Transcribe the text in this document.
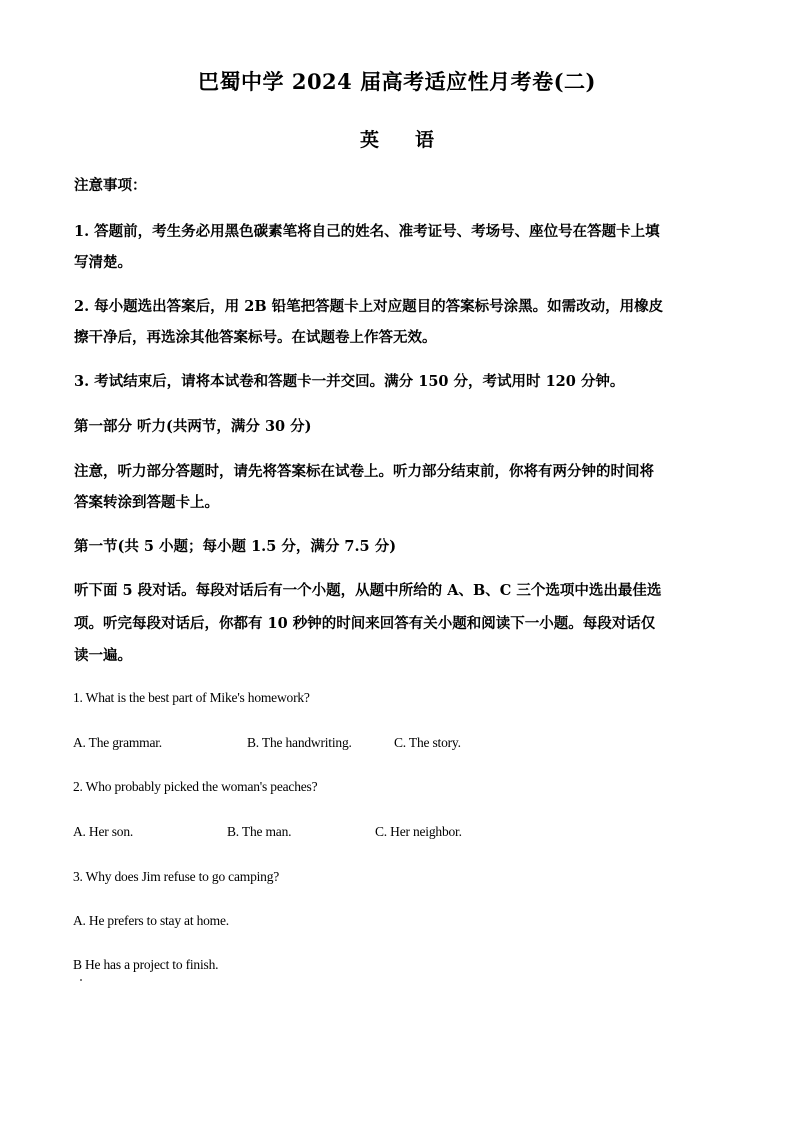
巴蜀中学 2024 届高考适应性月考卷(二)
英语
注意事项：
1. 答题前，考生务必用黑色碳素笔将自己的姓名、准考证号、考场号、座位号在答题卡上填
写清楚。
2. 每小题选出答案后，用 2B 铅笔把答题卡上对应题目的答案标号涂黑。如需改动，用橡皮
擦干净后，再选涂其他答案标号。在试题卷上作答无效。
3. 考试结束后，请将本试卷和答题卡一并交回。满分 150 分，考试用时 120 分钟。
第一部分 听力(共两节，满分 30 分)
注意，听力部分答题时，请先将答案标在试卷上。听力部分结束前，你将有两分钟的时间将
答案转涂到答题卡上。
第一节(共 5 小题；每小题 1.5 分，满分 7.5 分)
听下面 5 段对话。每段对话后有一个小题，从题中所给的 A、B、C 三个选项中选出最佳选
项。听完每段对话后，你都有 10 秒钟的时间来回答有关小题和阅读下一小题。每段对话仅
读一遍。
1. What is the best part of Mike's homework?
A. The grammar.	B. The handwriting.	C. The story.
2. Who probably picked the woman's peaches?
A. Her son.	B. The man.	C. Her neighbor.
3. Why does Jim refuse to go camping?
A. He prefers to stay at home.
B He has a project to finish.
